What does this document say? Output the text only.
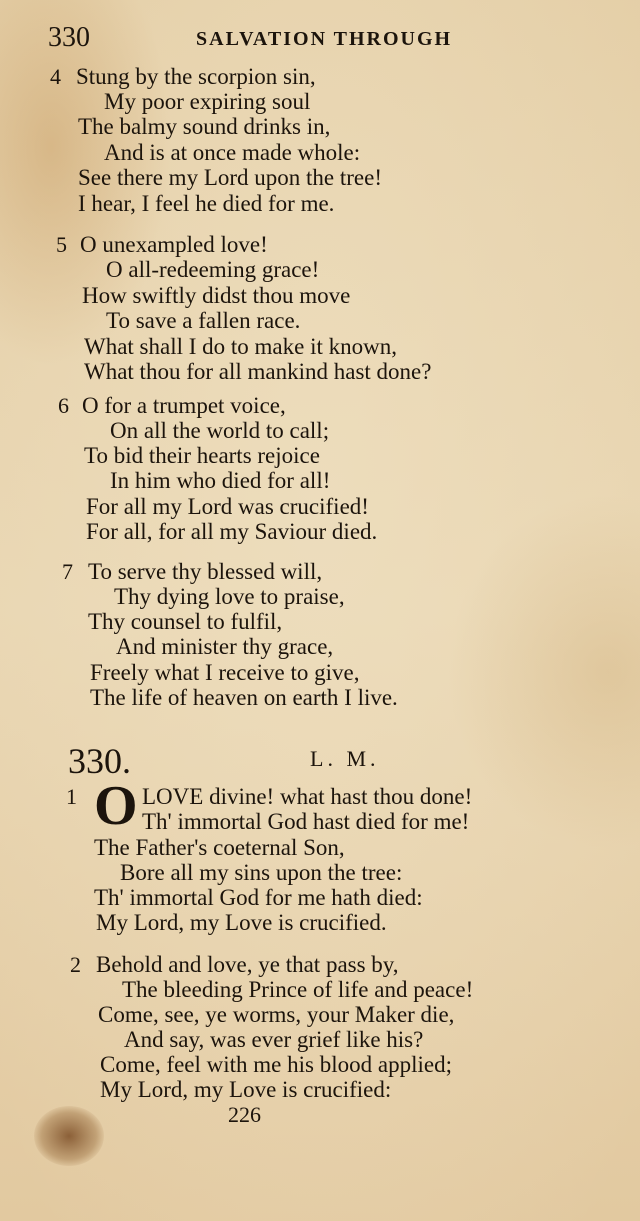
330	SALVATION THROUGH
4 Stung by the scorpion sin,
My poor expiring soul
The balmy sound drinks in,
And is at once made whole:
See there my Lord upon the tree!
I hear, I feel he died for me.
5 O unexampled love!
O all-redeeming grace!
How swiftly didst thou move
To save a fallen race.
What shall I do to make it known,
What thou for all mankind hast done?
6 O for a trumpet voice,
On all the world to call;
To bid their hearts rejoice
In him who died for all!
For all my Lord was crucified!
For all, for all my Saviour died.
7 To serve thy blessed will,
Thy dying love to praise,
Thy counsel to fulfil,
And minister thy grace,
Freely what I receive to give,
The life of heaven on earth I live.
330.	L. M.
1 O LOVE divine! what hast thou done!
Th' immortal God hast died for me!
The Father's coeternal Son,
Bore all my sins upon the tree:
Th' immortal God for me hath died:
My Lord, my Love is crucified.
2 Behold and love, ye that pass by,
The bleeding Prince of life and peace!
Come, see, ye worms, your Maker die,
And say, was ever grief like his?
Come, feel with me his blood applied;
My Lord, my Love is crucified:
226
